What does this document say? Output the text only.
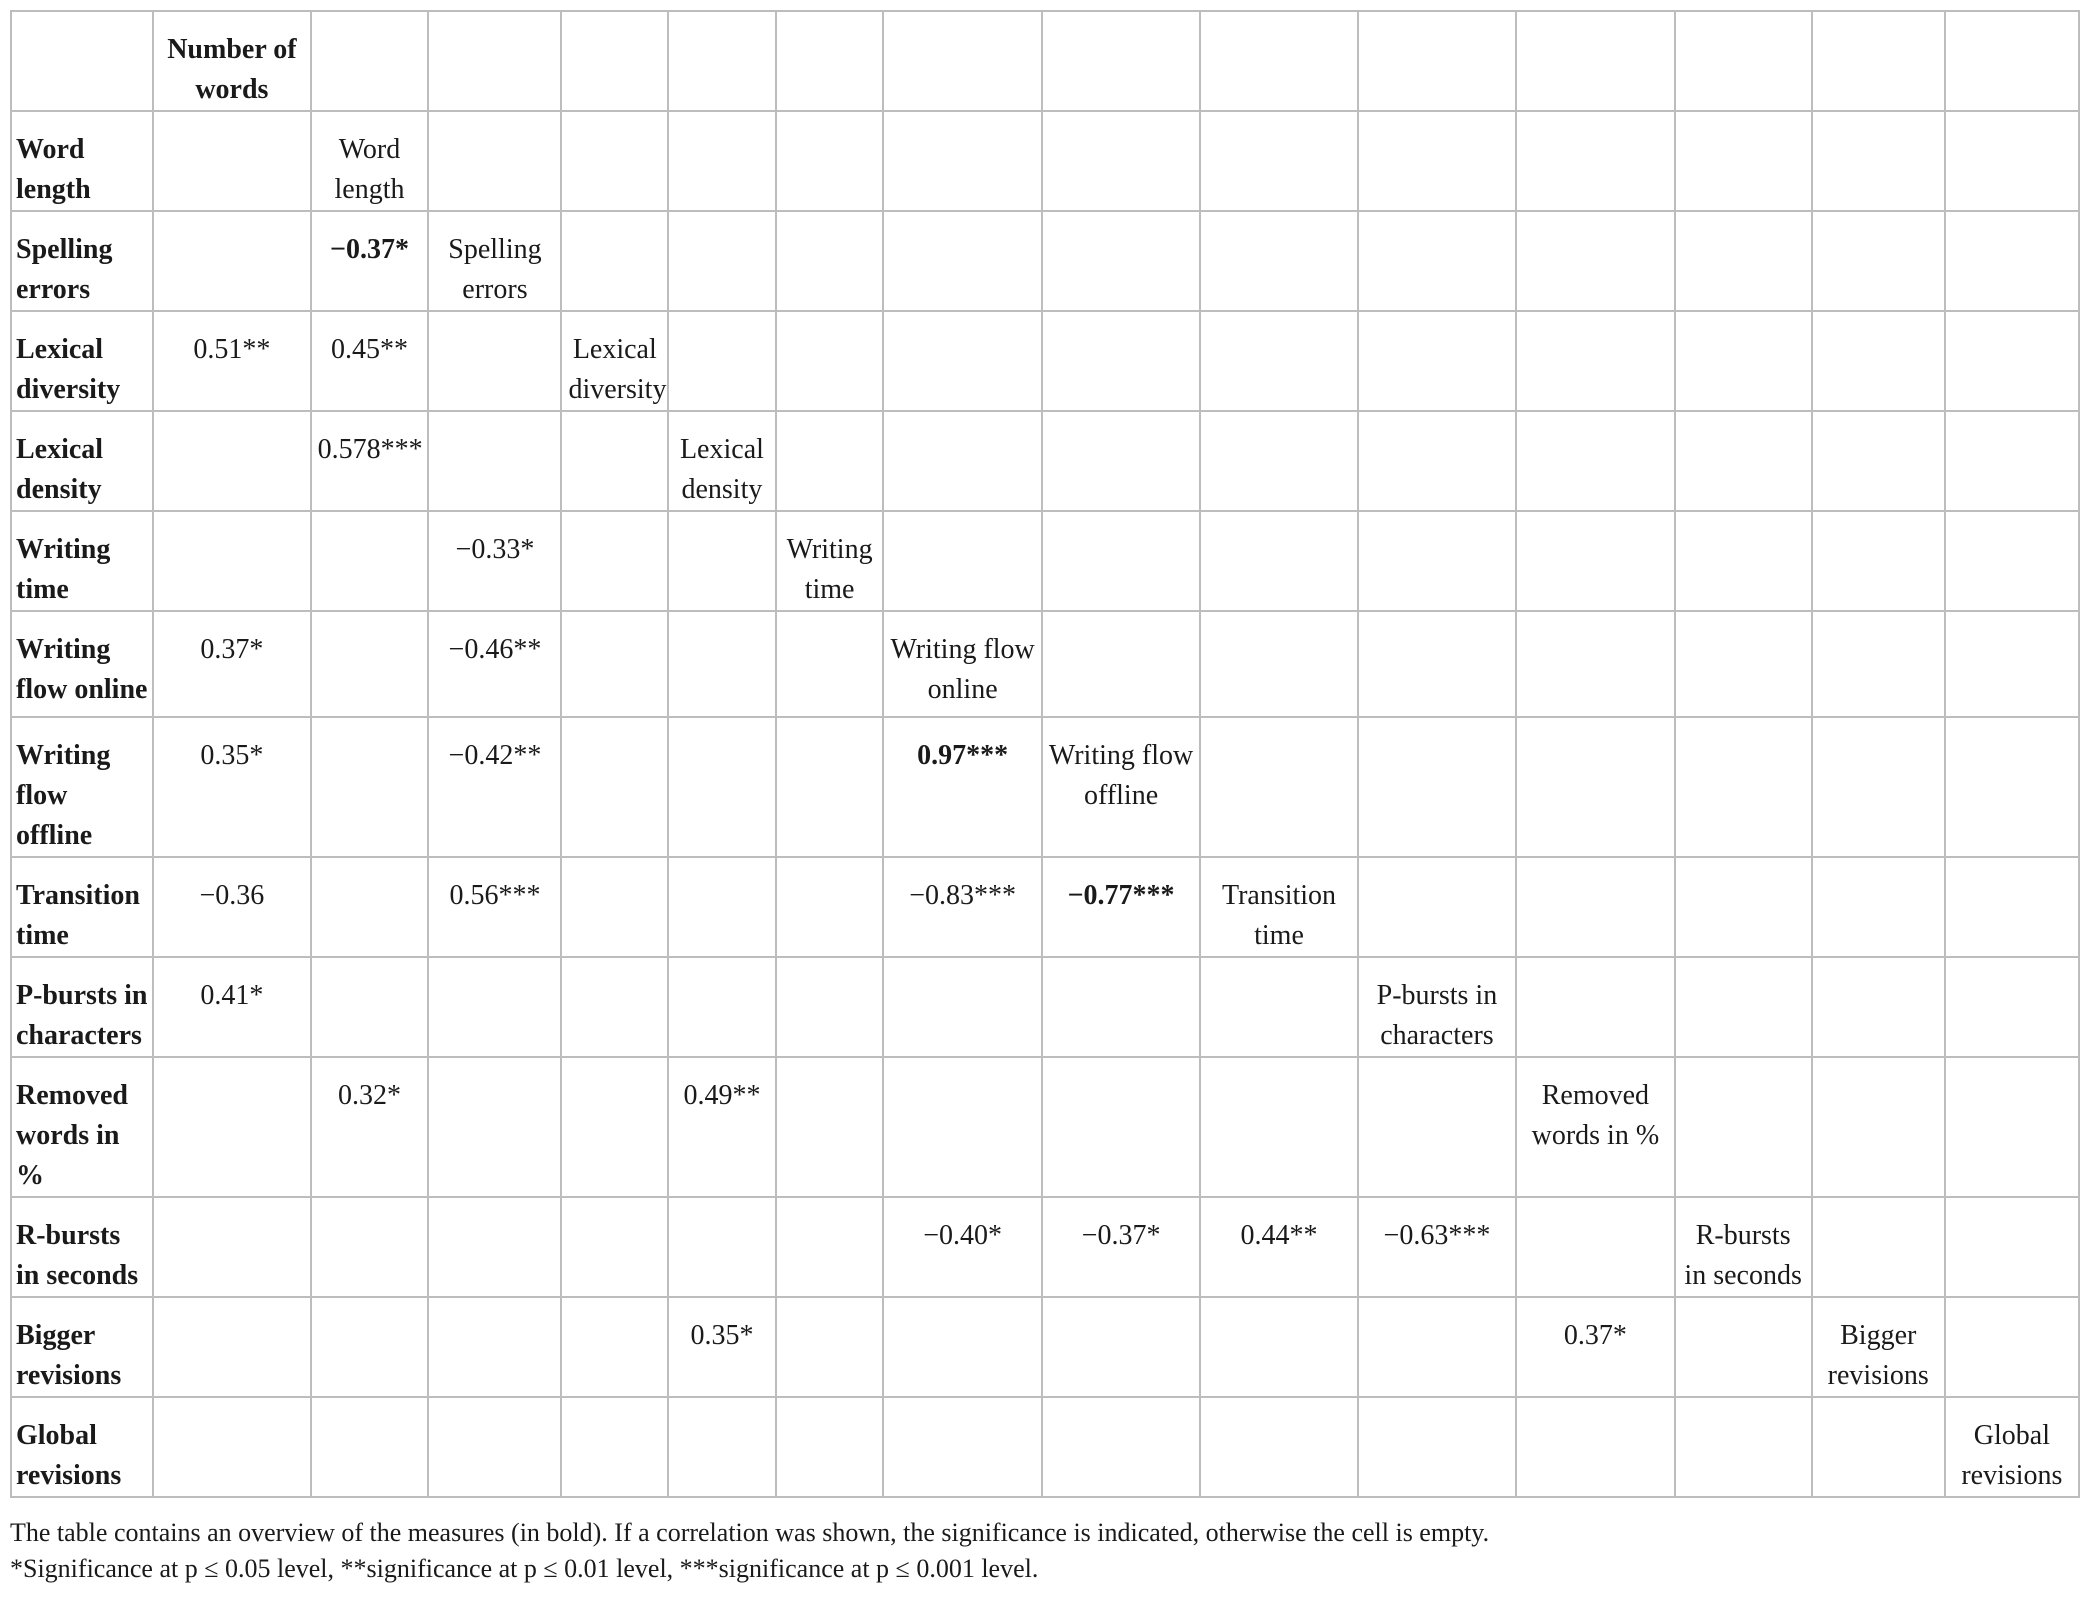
	Number of words													
Word length		Word length												
Spelling errors		−0.37*	Spelling errors											
Lexical diversity	0.51**	0.45**		Lexical diversity										
Lexical density		0.578***			Lexical density									
Writing time			−0.33*			Writing time								
Writing flow online	0.37*		−0.46**				Writing flow online							
Writing flow offline	0.35*		−0.42**				0.97***	Writing flow offline						
Transition time	−0.36		0.56***				−0.83***	−0.77***	Transition time					
P-bursts in characters	0.41*									P-bursts in characters				
Removed words in %		0.32*			0.49**						Removed words in %			
R-bursts in seconds							−0.40*	−0.37*	0.44**	−0.63***		R-bursts in seconds		
Bigger revisions					0.35*						0.37*		Bigger revisions	
Global revisions														Global revisions

The table contains an overview of the measures (in bold). If a correlation was shown, the significance is indicated, otherwise the cell is empty.

*Significance at p ≤ 0.05 level, **significance at p ≤ 0.01 level, ***significance at p ≤ 0.001 level.
